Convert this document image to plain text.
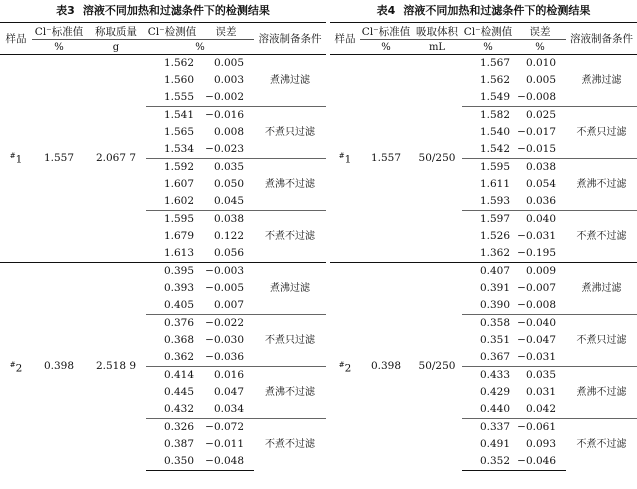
表3 溶液不同加热和过滤条件下的检测结果
样品	Cl⁻标准值	称取质量	Cl⁻检测值	误差	溶液制备条件
	%	g	%		
#1	1.557	2.067 7	1.562	0.005	煮沸过滤
			1.560	0.003	
			1.555	−0.002	
			1.541	−0.016	不煮只过滤
			1.565	0.008	
			1.534	−0.023	
			1.592	0.035	煮沸不过滤
			1.607	0.050	
			1.602	0.045	
			1.595	0.038	不煮不过滤
			1.679	0.122	
			1.613	0.056	
#2	0.398	2.518 9	0.395	−0.003	煮沸过滤
			0.393	−0.005	
			0.405	0.007	
			0.376	−0.022	不煮只过滤
			0.368	−0.030	
			0.362	−0.036	
			0.414	0.016	煮沸不过滤
			0.445	0.047	
			0.432	0.034	
			0.326	−0.072	不煮不过滤
			0.387	−0.011	
			0.350	−0.048	
表4 溶液不同加热和过滤条件下的检测结果
样品	Cl⁻标准值	吸取体积	Cl⁻检测值	误差	溶液制备条件
	%	mL	%	%	
#1	1.557	50/250	1.567	0.010	煮沸过滤
			1.562	0.005	
			1.549	−0.008	
			1.582	0.025	不煮只过滤
			1.540	−0.017	
			1.542	−0.015	
			1.595	0.038	煮沸不过滤
			1.611	0.054	
			1.593	0.036	
			1.597	0.040	不煮不过滤
			1.526	−0.031	
			1.362	−0.195	
#2	0.398	50/250	0.407	0.009	煮沸过滤
			0.391	−0.007	
			0.390	−0.008	
			0.358	−0.040	不煮只过滤
			0.351	−0.047	
			0.367	−0.031	
			0.433	0.035	煮沸不过滤
			0.429	0.031	
			0.440	0.042	
			0.337	−0.061	不煮不过滤
			0.491	0.093	
			0.352	−0.046	
